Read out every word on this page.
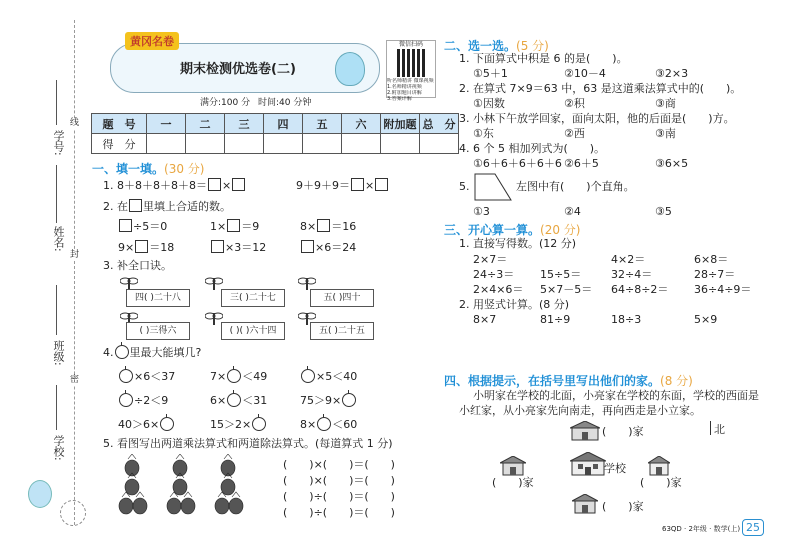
学号:
姓名:
班级:
学校:
线
封
密
黄冈名卷
期末检测优选卷(二)
微信扫码
听名师精讲 微课视频
1.名师精讲视频
2.附加题目讲解
3.答案详解
满分:100 分 时间:40 分钟
题　号	一	二	三	四	五	六	附加题	总　分
得　分								
一、填一填。(30 分)
1. 8＋8＋8＋8＋8＝ ×	9＋9＋9＝ ×
2. 在 里填上合适的数。
÷5＝0	1× ＝9	8× ＝16
9× ＝18	×3＝12	×6＝24
3. 补全口诀。
四( )二十八	三( )二十七	五( )四十
( )三得六	( )( )六十四	五( )二十五
4. 里最大能填几?
×6＜37	7× ＜49	×5＜40
÷2＜9	6× ＜31	75＞9×
40＞6×	15＞2×	8× ＜60
5. 看图写出两道乘法算式和两道除法算式。(每道算式 1 分)
(　　)×(　　)＝(　　)
(　　)×(　　)＝(　　)
(　　)÷(　　)＝(　　)
(　　)÷(　　)＝(　　)
二、选一选。(5 分)
1. 下面算式中积是 6 的是(　　)。
①5＋1	②10－4	③2×3
2. 在算式 7×9＝63 中，63 是这道乘法算式中的(　　)。
①因数	②积	③商
3. 小林下午放学回家，面向太阳，他的后面是(　　)方。
①东	②西	③南
4. 6 个 5 相加列式为(　　)。
①6＋6＋6＋6＋6 ②6＋5	③6×5
5.	左图中有(　　)个直角。
①3	②4	③5
三、开心算一算。(20 分)
1. 直接写得数。(12 分)
2×7＝	4×2＝	6×8＝
24÷3＝ 15÷5＝	32÷4＝	28÷7＝
2×4×6＝ 5×7－5＝ 64÷8÷2＝ 36÷4÷9＝
2. 用竖式计算。(8 分)
8×7	81÷9	18÷3	5×9
四、根据提示，在括号里写出他们的家。(8 分)
小明家在学校的北面，小亮家在学校的东面，学校的西面是
小红家，从小亮家先向南走，再向西走是小立家。
(　　)家	北
(　　)家
学校
(　　)家
(　　)家
63QD · 2年级 · 数学(上) 25
